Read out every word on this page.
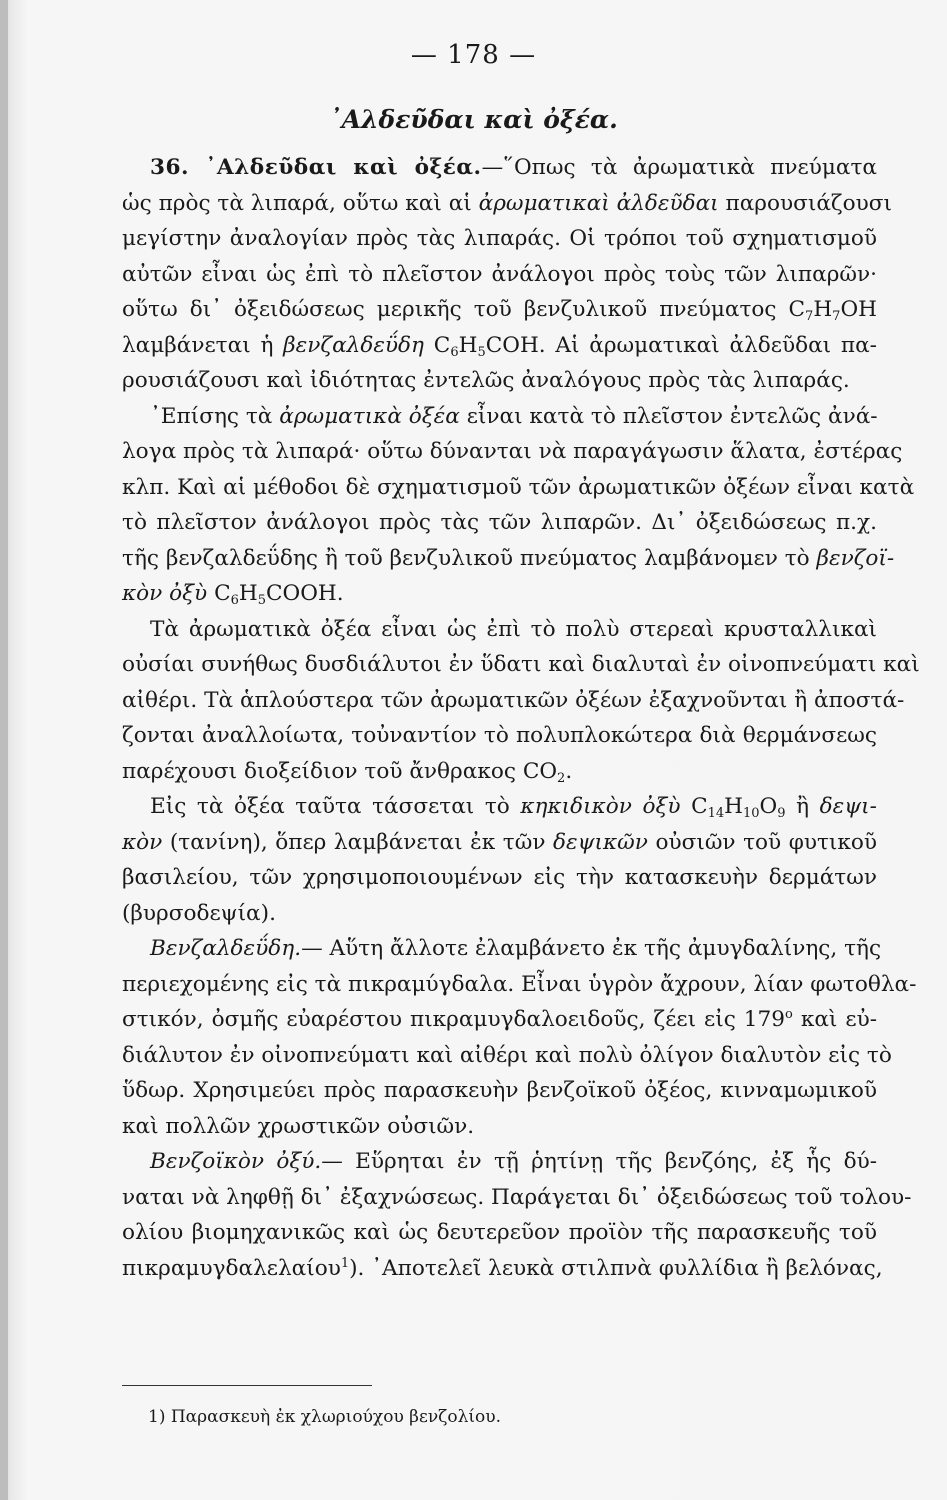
— 178 —
᾿Αλδεῦδαι καὶ ὀξέα.

36. ᾿Αλδεῦδαι καὶ ὀξέα.—῞Οπως τὰ ἀρωματικὰ πνεύματα

ὡς πρὸς τὰ λιπαρά, οὕτω καὶ αἱ ἀρωματικαὶ ἀλδεῦδαι παρουσιάζουσι

μεγίστην ἀναλογίαν πρὸς τὰς λιπαράς. Οἱ τρόποι τοῦ σχηματισμοῦ

αὐτῶν εἶναι ὡς ἐπὶ τὸ πλεῖστον ἀνάλογοι πρὸς τοὺς τῶν λιπαρῶν·

οὕτω δι᾿ ὀξειδώσεως μερικῆς τοῦ βενζυλικοῦ πνεύματος $C_7H_7OH$

λαμβάνεται ἡ βενζαλδεΰδη $C_6H_5COH$. Αἱ ἀρωματικαὶ ἀλδεῦδαι πα-

ρουσιάζουσι καὶ ἰδιότητας ἐντελῶς ἀναλόγους πρὸς τὰς λιπαράς.

᾿Επίσης τὰ ἀρωματικὰ ὀξέα εἶναι κατὰ τὸ πλεῖστον ἐντελῶς ἀνά-

λογα πρὸς τὰ λιπαρά· οὕτω δύνανται νὰ παραγάγωσιν ἅλατα, ἐστέρας

κλπ. Καὶ αἱ μέθοδοι δὲ σχηματισμοῦ τῶν ἀρωματικῶν ὀξέων εἶναι κατὰ

τὸ πλεῖστον ἀνάλογοι πρὸς τὰς τῶν λιπαρῶν. Δι᾿ ὀξειδώσεως π.χ.

τῆς βενζαλδεΰδης ἢ τοῦ βενζυλικοῦ πνεύματος λαμβάνομεν τὸ βενζοϊ-

κὸν ὀξὺ $C_6H_5COOH$.

Τὰ ἀρωματικὰ ὀξέα εἶναι ὡς ἐπὶ τὸ πολὺ στερεαὶ κρυσταλλικαὶ

οὐσίαι συνήθως δυσδιάλυτοι ἐν ὕδατι καὶ διαλυταὶ ἐν οἰνοπνεύματι καὶ

αἰθέρι. Τὰ ἁπλούστερα τῶν ἀρωματικῶν ὀξέων ἐξαχνοῦνται ἢ ἀποστά-

ζονται ἀναλλοίωτα, τοὐναντίον τὸ πολυπλοκώτερα διὰ θερμάνσεως

παρέχουσι διοξείδιον τοῦ ἄνθρακος $CO_2$.

Εἰς τὰ ὀξέα ταῦτα τάσσεται τὸ κηκιδικὸν ὀξὺ $C_{14}H_{10}O_9$ ἢ δεψι-

κὸν (τανίνη), ὅπερ λαμβάνεται ἐκ τῶν δεψικῶν οὐσιῶν τοῦ φυτικοῦ

βασιλείου, τῶν χρησιμοποιουμένων εἰς τὴν κατασκευὴν δερμάτων

(βυρσοδεψία).

Βενζαλδεΰδη.— Αὕτη ἄλλοτε ἐλαμβάνετο ἐκ τῆς ἀμυγδαλίνης, τῆς

περιεχομένης εἰς τὰ πικραμύγδαλα. Εἶναι ὑγρὸν ἄχρουν, λίαν φωτοθλα-

στικόν, ὀσμῆς εὐαρέστου πικραμυγδαλοειδοῦς, ζέει εἰς 179$^o$ καὶ εὐ-

διάλυτον ἐν οἰνοπνεύματι καὶ αἰθέρι καὶ πολὺ ὀλίγον διαλυτὸν εἰς τὸ

ὕδωρ. Χρησιμεύει πρὸς παρασκευὴν βενζοϊκοῦ ὀξέος, κινναμωμικοῦ

καὶ πολλῶν χρωστικῶν οὐσιῶν.

Βενζοϊκὸν ὀξύ.— Εὕρηται ἐν τῇ ῥητίνῃ τῆς βενζόης, ἐξ ἧς δύ-

ναται νὰ ληφθῇ δι᾿ ἐξαχνώσεως. Παράγεται δι᾿ ὀξειδώσεως τοῦ τολου-

ολίου βιομηχανικῶς καὶ ὡς δευτερεῦον προϊὸν τῆς παρασκευῆς τοῦ

πικραμυγδαλελαίου$^1$). ᾿Αποτελεῖ λευκὰ στιλπνὰ φυλλίδια ἢ βελόνας,

1) Παρασκευὴ ἐκ χλωριούχου βενζολίου.
